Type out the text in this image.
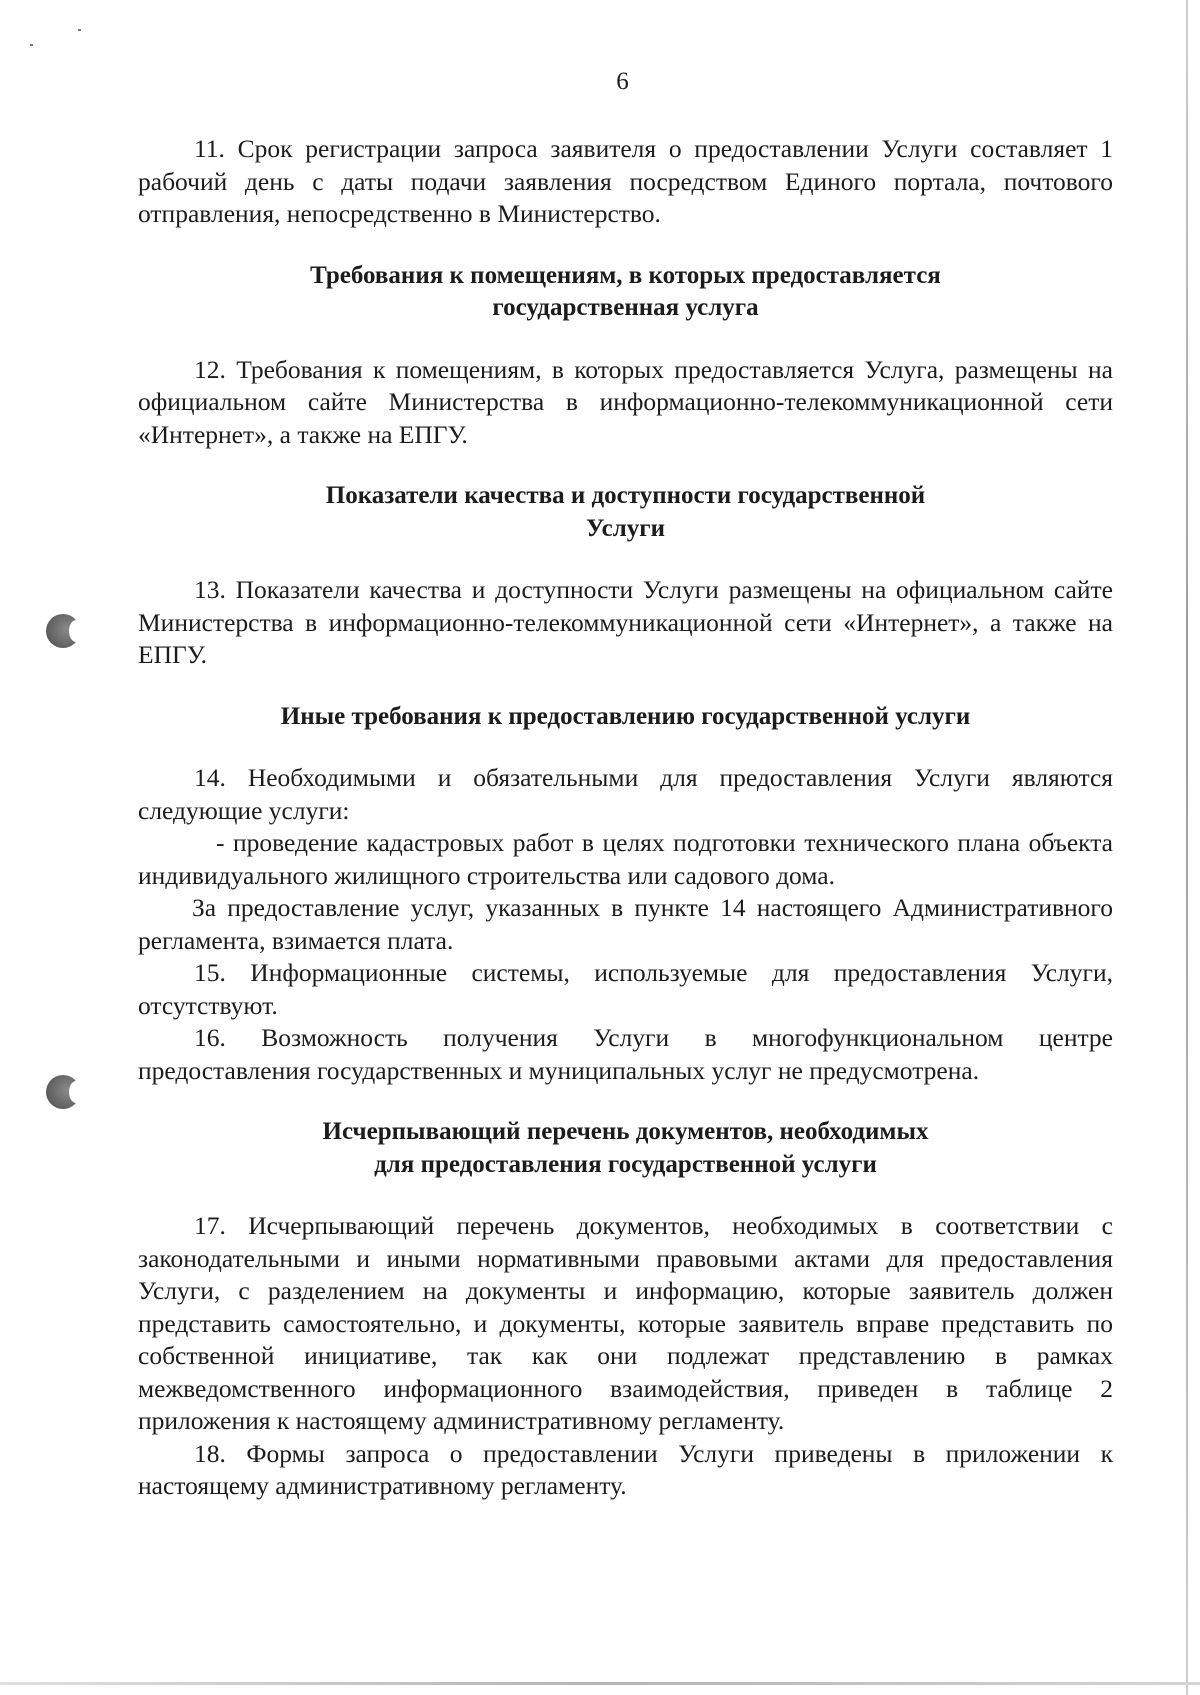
6

11. Срок регистрации запроса заявителя о предоставлении Услуги составляет 1 рабочий день с даты подачи заявления посредством Единого портала, почтового отправления, непосредственно в Министерство.

Требования к помещениям, в которых предоставляется

государственная услуга

12. Требования к помещениям, в которых предоставляется Услуга, размещены на официальном сайте Министерства в информационно-телекоммуникационной сети «Интернет», а также на ЕПГУ.

Показатели качества и доступности государственной

Услуги

13. Показатели качества и доступности Услуги размещены на официальном сайте Министерства в информационно-телекоммуникационной сети «Интернет», а также на ЕПГУ.

Иные требования к предоставлению государственной услуги

14. Необходимыми и обязательными для предоставления Услуги являются следующие услуги:

- проведение кадастровых работ в целях подготовки технического плана объекта индивидуального жилищного строительства или садового дома.

За предоставление услуг, указанных в пункте 14 настоящего Административного регламента, взимается плата.

15. Информационные системы, используемые для предоставления Услуги, отсутствуют.

16. Возможность получения Услуги в многофункциональном центре предоставления государственных и муниципальных услуг не предусмотрена.

Исчерпывающий перечень документов, необходимых

для предоставления государственной услуги

17. Исчерпывающий перечень документов, необходимых в соответствии с законодательными и иными нормативными правовыми актами для предоставления Услуги, с разделением на документы и информацию, которые заявитель должен представить самостоятельно, и документы, которые заявитель вправе представить по собственной инициативе, так как они подлежат представлению в рамках межведомственного информационного взаимодействия, приведен в таблице 2 приложения к настоящему административному регламенту.

18. Формы запроса о предоставлении Услуги приведены в приложении к настоящему административному регламенту.
